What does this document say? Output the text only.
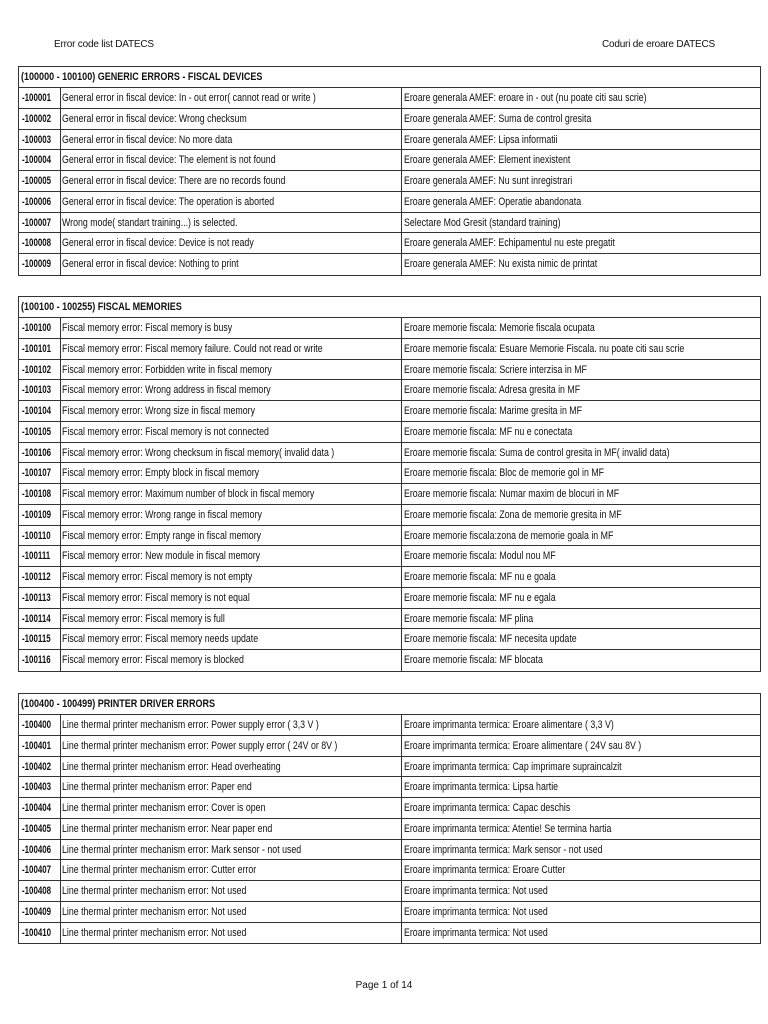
Error code list DATECS	Coduri de eroare DATECS
(100000 - 100100) GENERIC ERRORS - FISCAL DEVICES
-100001 General error in fiscal device: In - out error( cannot read or write )	Eroare generala AMEF: eroare in - out (nu poate citi sau scrie)
-100002 General error in fiscal device: Wrong checksum	Eroare generala AMEF: Suma de control gresita
-100003 General error in fiscal device: No more data	Eroare generala AMEF: Lipsa informatii
-100004 General error in fiscal device: The element is not found	Eroare generala AMEF: Element inexistent
-100005 General error in fiscal device: There are no records found	Eroare generala AMEF: Nu sunt inregistrari
-100006 General error in fiscal device: The operation is aborted	Eroare generala AMEF: Operatie abandonata
-100007 Wrong mode( standart training...) is selected.	Selectare Mod Gresit (standard training)
-100008 General error in fiscal device: Device is not ready	Eroare generala AMEF: Echipamentul nu este pregatit
-100009 General error in fiscal device: Nothing to print	Eroare generala AMEF: Nu exista nimic de printat
(100100 - 100255) FISCAL MEMORIES
-100100 Fiscal memory error: Fiscal memory is busy	Eroare memorie fiscala: Memorie fiscala ocupata
-100101 Fiscal memory error: Fiscal memory failure. Could not read or write	Eroare memorie fiscala: Esuare Memorie Fiscala. nu poate citi sau scrie
-100102 Fiscal memory error: Forbidden write in fiscal memory	Eroare memorie fiscala: Scriere interzisa in MF
-100103 Fiscal memory error: Wrong address in fiscal memory	Eroare memorie fiscala: Adresa gresita in MF
-100104 Fiscal memory error: Wrong size in fiscal memory	Eroare memorie fiscala: Marime gresita in MF
-100105 Fiscal memory error: Fiscal memory is not connected	Eroare memorie fiscala: MF nu e conectata
-100106 Fiscal memory error: Wrong checksum in fiscal memory( invalid data )	Eroare memorie fiscala: Suma de control gresita in MF( invalid data)
-100107 Fiscal memory error: Empty block in fiscal memory	Eroare memorie fiscala: Bloc de memorie gol in MF
-100108 Fiscal memory error: Maximum number of block in fiscal memory	Eroare memorie fiscala: Numar maxim de blocuri in MF
-100109 Fiscal memory error: Wrong range in fiscal memory	Eroare memorie fiscala: Zona de memorie gresita in MF
-100110	Fiscal memory error: Empty range in fiscal memory	Eroare memorie fiscala:zona de memorie goala in MF
-100111	Fiscal memory error: New module in fiscal memory	Eroare memorie fiscala: Modul nou MF
-100112	Fiscal memory error: Fiscal memory is not empty	Eroare memorie fiscala: MF nu e goala
-100113	Fiscal memory error: Fiscal memory is not equal	Eroare memorie fiscala: MF nu e egala
-100114	Fiscal memory error: Fiscal memory is full	Eroare memorie fiscala: MF plina
-100115	Fiscal memory error: Fiscal memory needs update	Eroare memorie fiscala: MF necesita update
-100116	Fiscal memory error: Fiscal memory is blocked	Eroare memorie fiscala: MF blocata
(100400 - 100499) PRINTER DRIVER ERRORS
-100400 Line thermal printer mechanism error: Power supply error ( 3,3 V )	Eroare imprimanta termica: Eroare alimentare ( 3,3 V)
-100401 Line thermal printer mechanism error: Power supply error ( 24V or 8V )	Eroare imprimanta termica: Eroare alimentare ( 24V sau 8V )
-100402 Line thermal printer mechanism error: Head overheating	Eroare imprimanta termica: Cap imprimare supraincalzit
-100403 Line thermal printer mechanism error: Paper end	Eroare imprimanta termica: Lipsa hartie
-100404 Line thermal printer mechanism error: Cover is open	Eroare imprimanta termica: Capac deschis
-100405 Line thermal printer mechanism error: Near paper end	Eroare imprimanta termica: Atentie! Se termina hartia
-100406 Line thermal printer mechanism error: Mark sensor - not used	Eroare imprimanta termica: Mark sensor - not used
-100407 Line thermal printer mechanism error: Cutter error	Eroare imprimanta termica: Eroare Cutter
-100408 Line thermal printer mechanism error: Not used	Eroare imprimanta termica: Not used
-100409 Line thermal printer mechanism error: Not used	Eroare imprimanta termica: Not used
-100410 Line thermal printer mechanism error: Not used	Eroare imprimanta termica: Not used
Page 1 of 14
